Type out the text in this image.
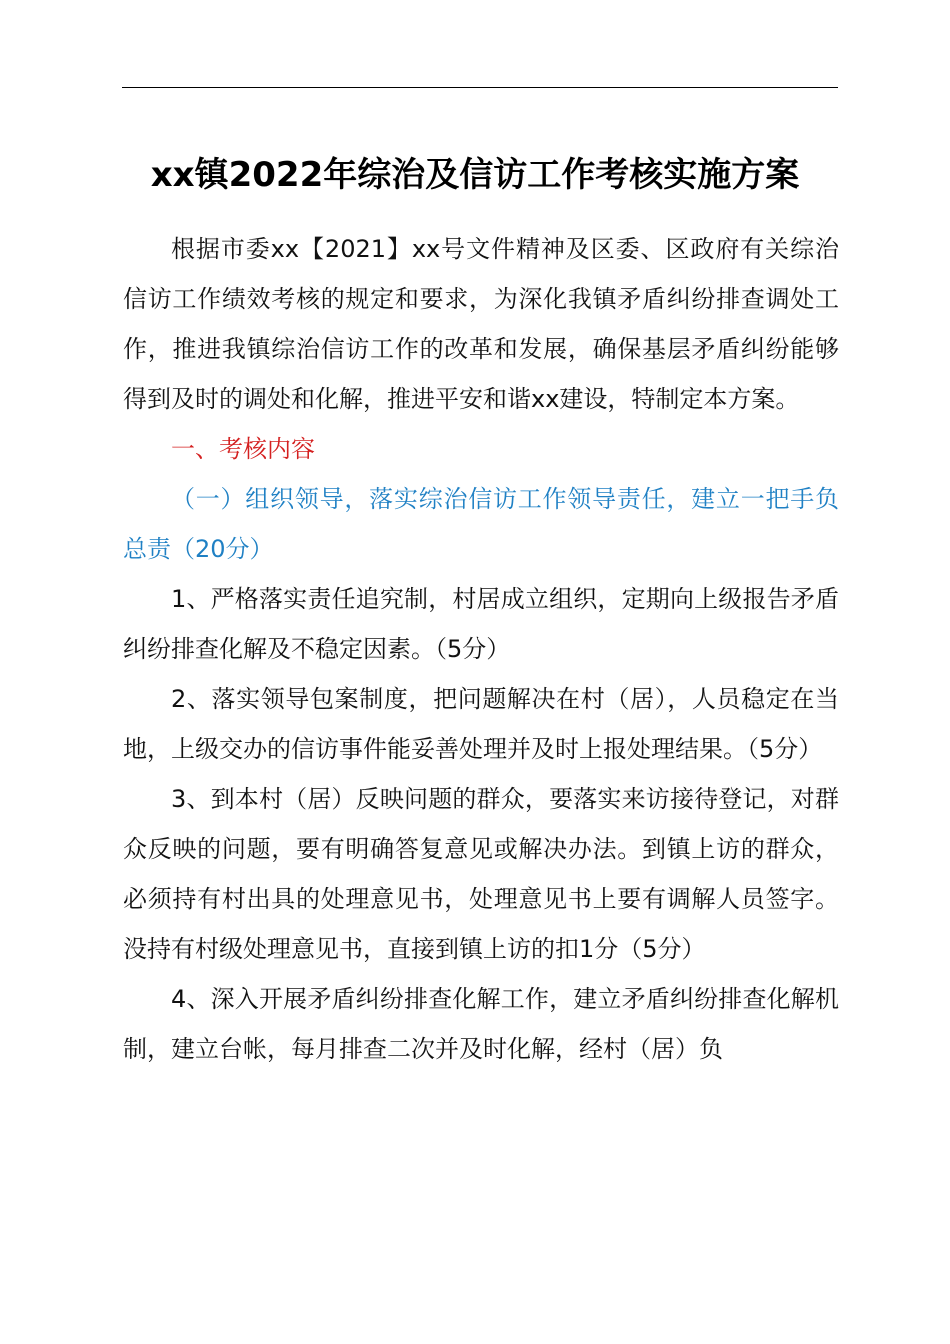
xx镇2022年综治及信访工作考核实施方案

根据市委xx【2021】xx号文件精神及区委、区政府有关综治信访工作绩效考核的规定和要求，为深化我镇矛盾纠纷排查调处工作，推进我镇综治信访工作的改革和发展，确保基层矛盾纠纷能够得到及时的调处和化解，推进平安和谐xx建设，特制定本方案。

一、考核内容

（一）组织领导，落实综治信访工作领导责任，建立一把手负总责（20分）

1、严格落实责任追究制，村居成立组织，定期向上级报告矛盾纠纷排查化解及不稳定因素。（5分）

2、落实领导包案制度，把问题解决在村（居），人员稳定在当地，上级交办的信访事件能妥善处理并及时上报处理结果。（5分）

3、到本村（居）反映问题的群众，要落实来访接待登记，对群众反映的问题，要有明确答复意见或解决办法。到镇上访的群众，必须持有村出具的处理意见书，处理意见书上要有调解人员签字。没持有村级处理意见书，直接到镇上访的扣1分（5分）

4、深入开展矛盾纠纷排查化解工作，建立矛盾纠纷排查化解机制，建立台帐，每月排查二次并及时化解，经村（居）负
